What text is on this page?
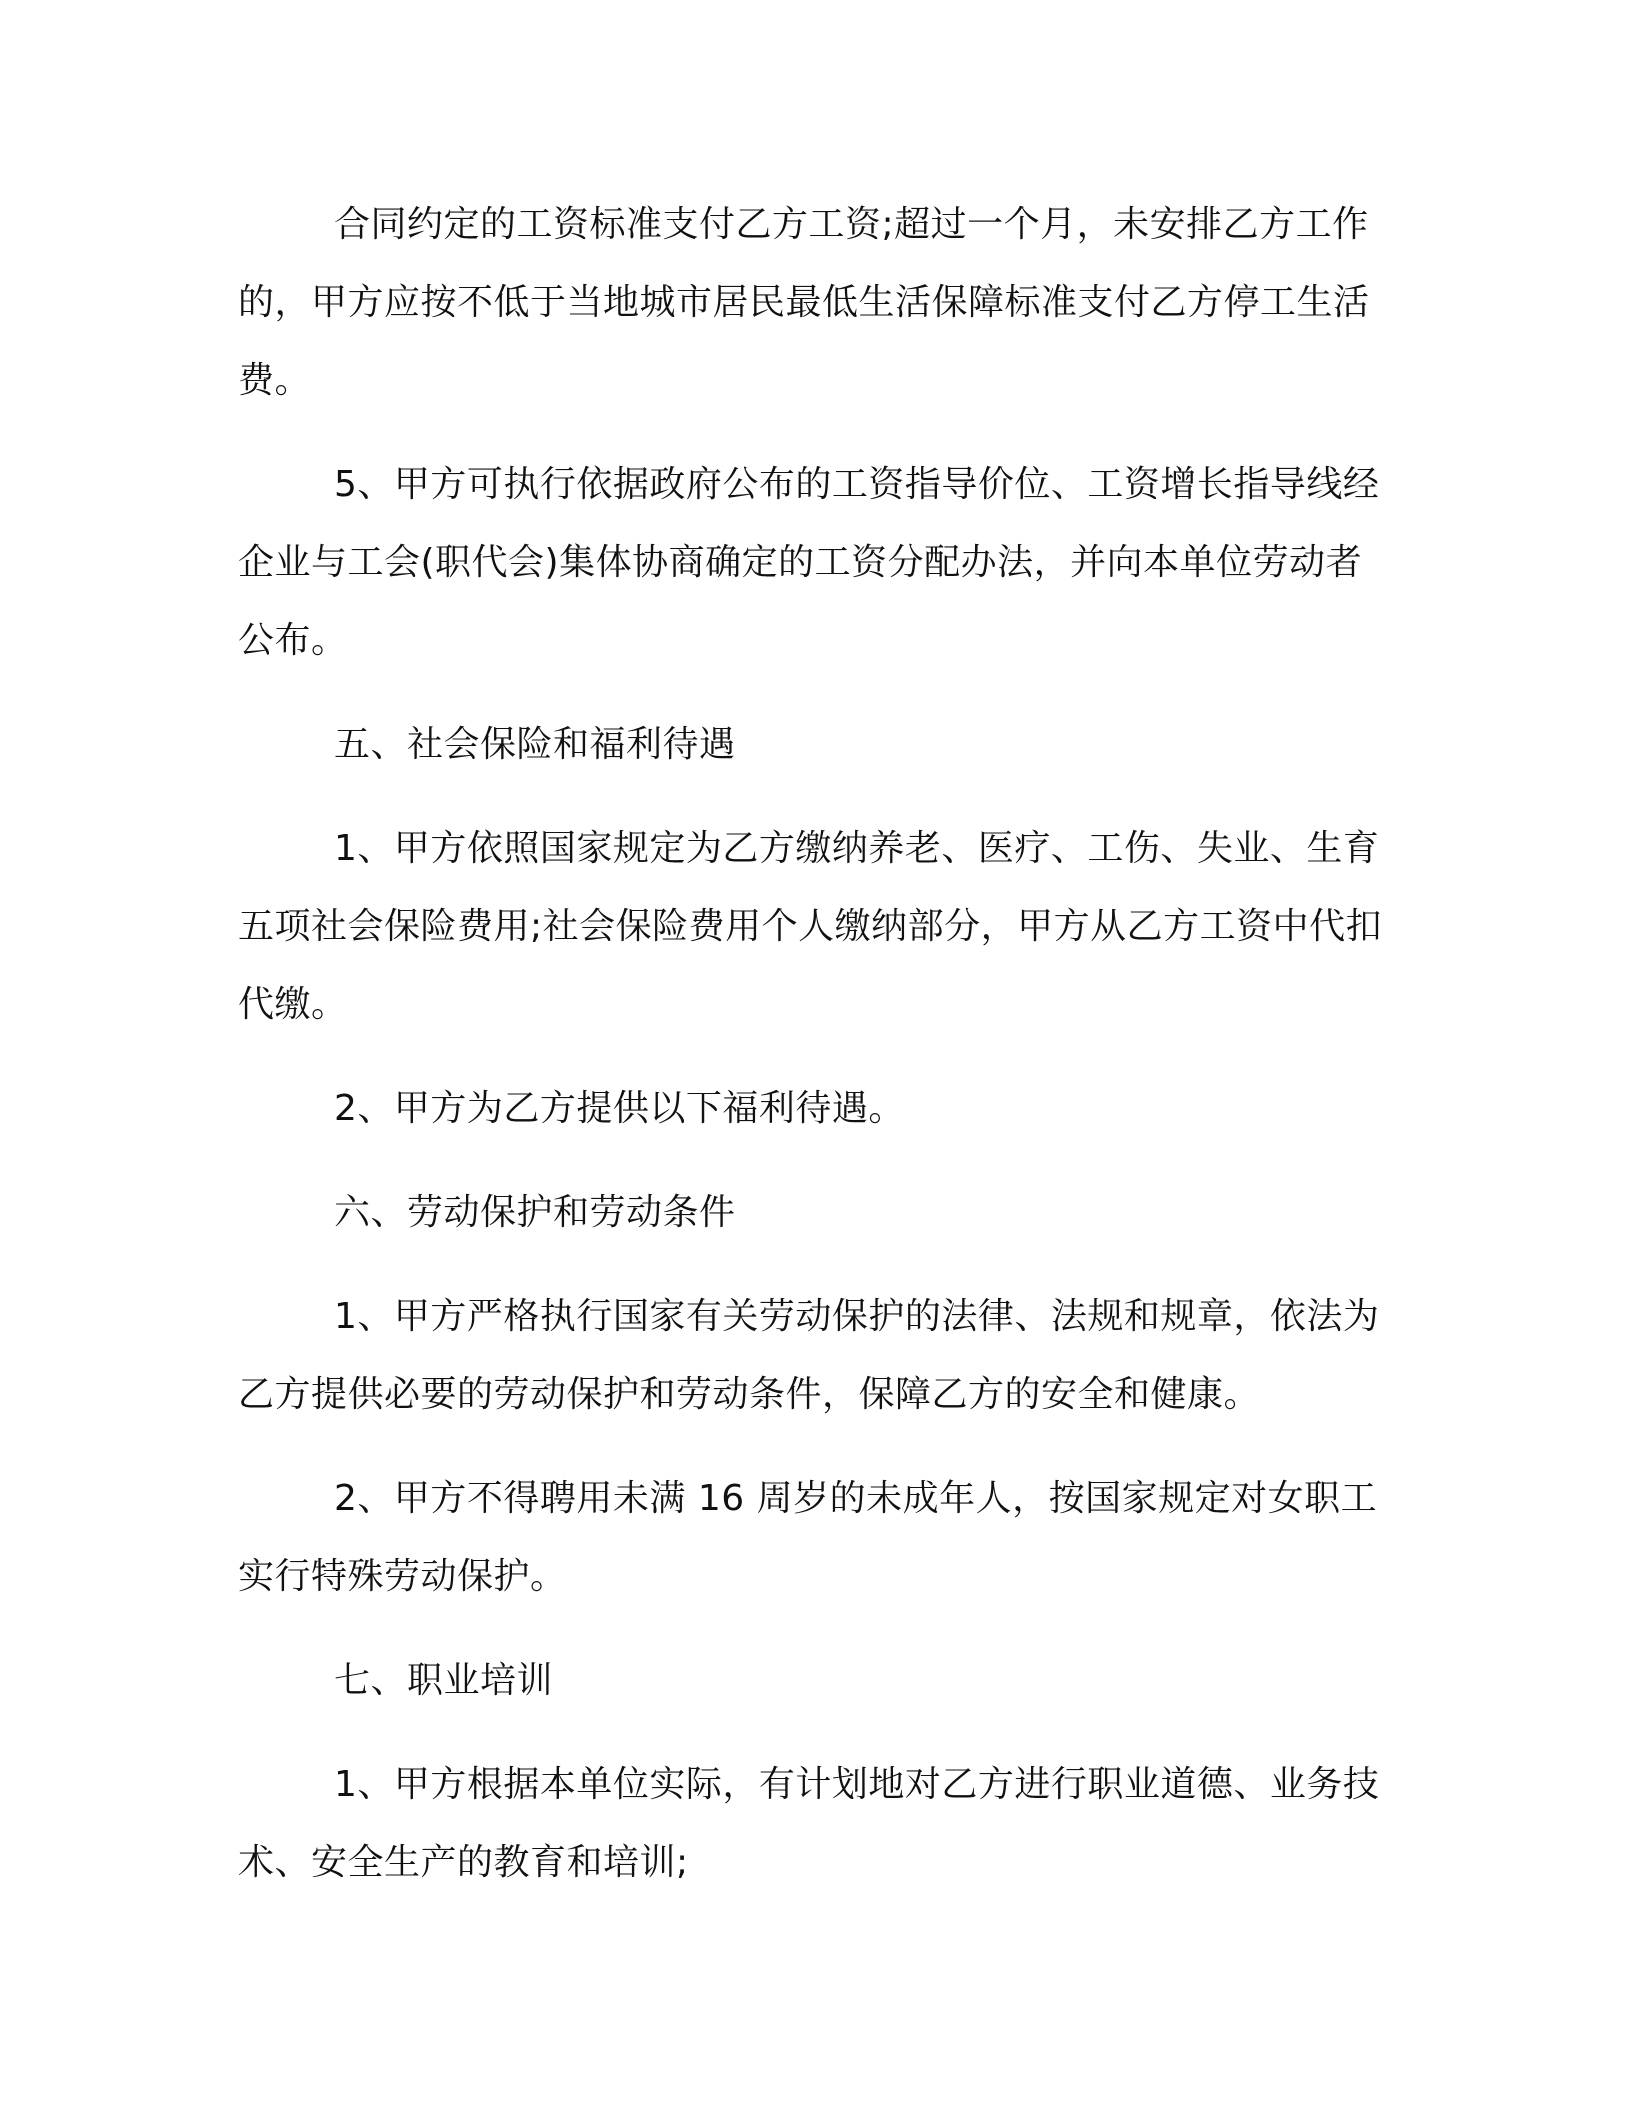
合同约定的工资标准支付乙方工资;超过一个月，未安排乙方工作的，甲方应按不低于当地城市居民最低生活保障标准支付乙方停工生活费。

5、甲方可执行依据政府公布的工资指导价位、工资增长指导线经企业与工会(职代会)集体协商确定的工资分配办法，并向本单位劳动者公布。

五、社会保险和福利待遇

1、甲方依照国家规定为乙方缴纳养老、医疗、工伤、失业、生育五项社会保险费用;社会保险费用个人缴纳部分，甲方从乙方工资中代扣代缴。

2、甲方为乙方提供以下福利待遇。

六、劳动保护和劳动条件

1、甲方严格执行国家有关劳动保护的法律、法规和规章，依法为乙方提供必要的劳动保护和劳动条件，保障乙方的安全和健康。

2、甲方不得聘用未满 16 周岁的未成年人，按国家规定对女职工实行特殊劳动保护。

七、职业培训

1、甲方根据本单位实际，有计划地对乙方进行职业道德、业务技术、安全生产的教育和培训;
